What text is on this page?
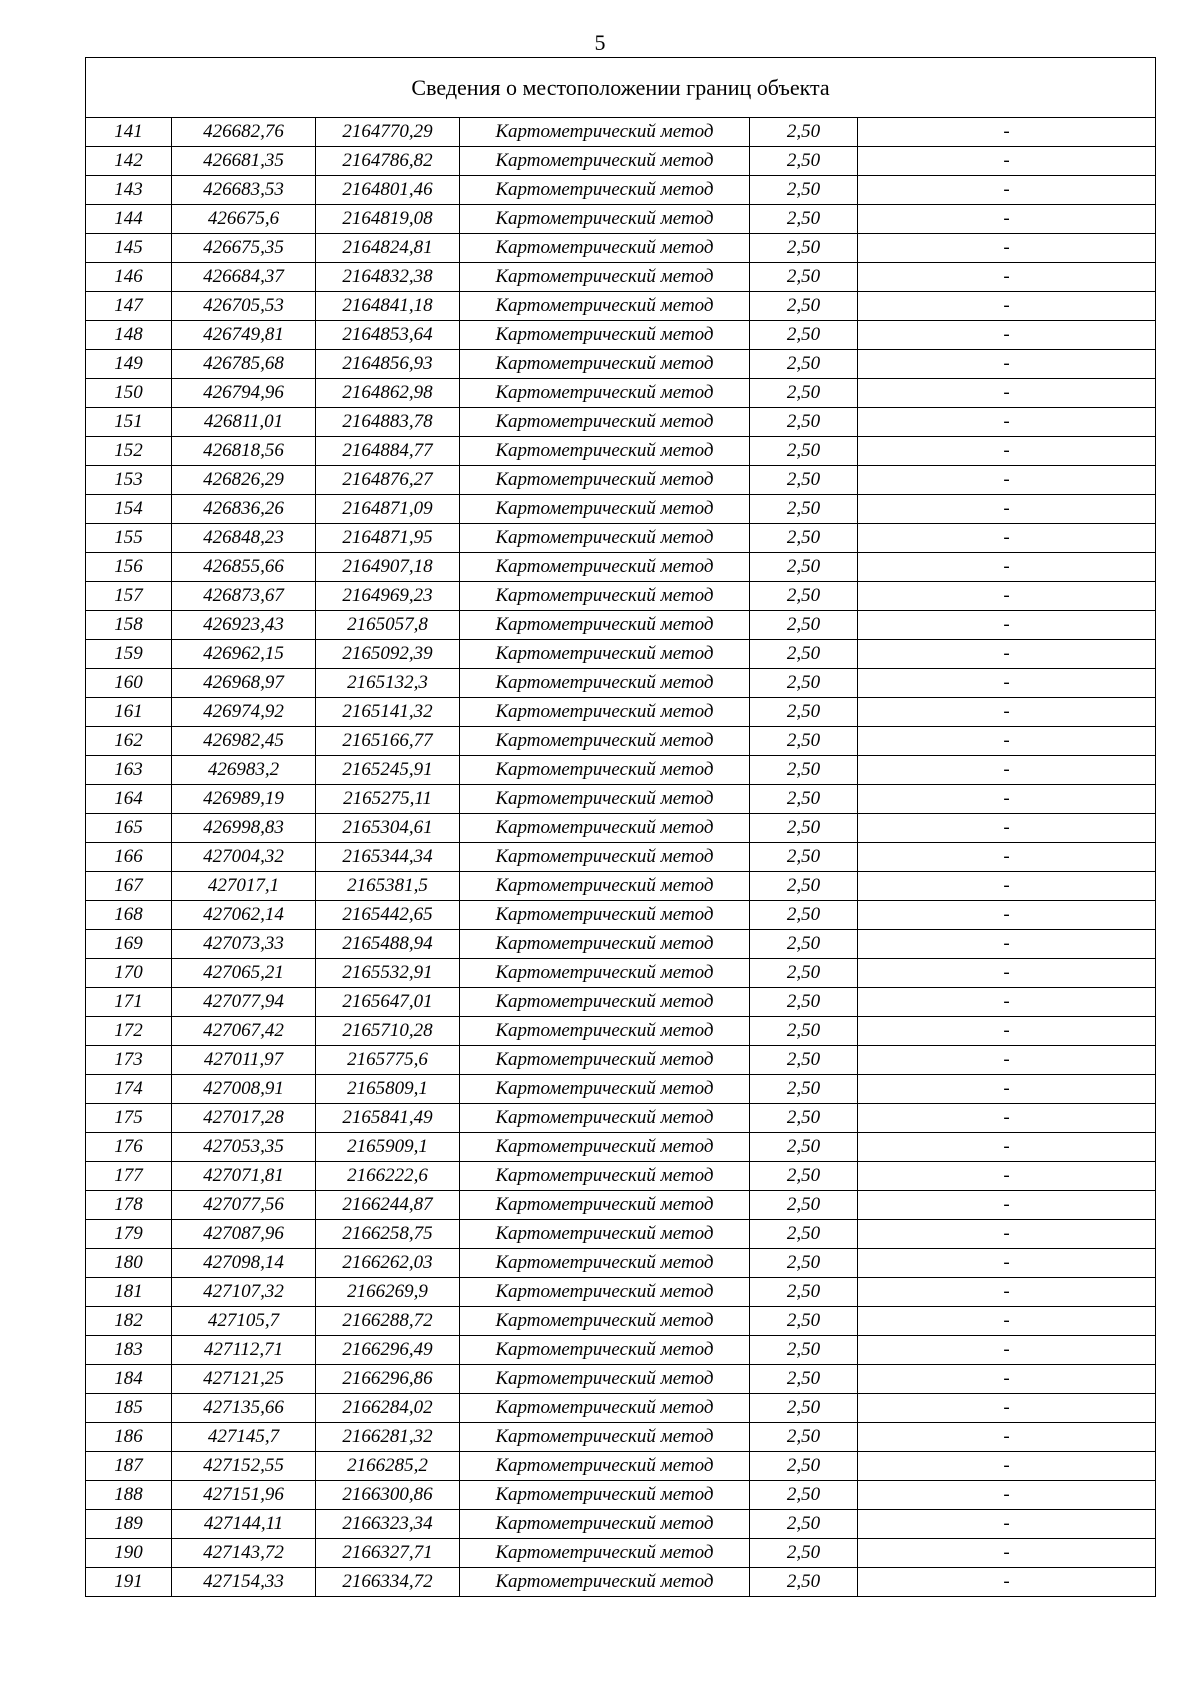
5
Сведения о местоположении границ объекта					
141	426682,76	2164770,29	Картометрический метод	2,50	-
142	426681,35	2164786,82	Картометрический метод	2,50	-
143	426683,53	2164801,46	Картометрический метод	2,50	-
144	426675,6	2164819,08	Картометрический метод	2,50	-
145	426675,35	2164824,81	Картометрический метод	2,50	-
146	426684,37	2164832,38	Картометрический метод	2,50	-
147	426705,53	2164841,18	Картометрический метод	2,50	-
148	426749,81	2164853,64	Картометрический метод	2,50	-
149	426785,68	2164856,93	Картометрический метод	2,50	-
150	426794,96	2164862,98	Картометрический метод	2,50	-
151	426811,01	2164883,78	Картометрический метод	2,50	-
152	426818,56	2164884,77	Картометрический метод	2,50	-
153	426826,29	2164876,27	Картометрический метод	2,50	-
154	426836,26	2164871,09	Картометрический метод	2,50	-
155	426848,23	2164871,95	Картометрический метод	2,50	-
156	426855,66	2164907,18	Картометрический метод	2,50	-
157	426873,67	2164969,23	Картометрический метод	2,50	-
158	426923,43	2165057,8	Картометрический метод	2,50	-
159	426962,15	2165092,39	Картометрический метод	2,50	-
160	426968,97	2165132,3	Картометрический метод	2,50	-
161	426974,92	2165141,32	Картометрический метод	2,50	-
162	426982,45	2165166,77	Картометрический метод	2,50	-
163	426983,2	2165245,91	Картометрический метод	2,50	-
164	426989,19	2165275,11	Картометрический метод	2,50	-
165	426998,83	2165304,61	Картометрический метод	2,50	-
166	427004,32	2165344,34	Картометрический метод	2,50	-
167	427017,1	2165381,5	Картометрический метод	2,50	-
168	427062,14	2165442,65	Картометрический метод	2,50	-
169	427073,33	2165488,94	Картометрический метод	2,50	-
170	427065,21	2165532,91	Картометрический метод	2,50	-
171	427077,94	2165647,01	Картометрический метод	2,50	-
172	427067,42	2165710,28	Картометрический метод	2,50	-
173	427011,97	2165775,6	Картометрический метод	2,50	-
174	427008,91	2165809,1	Картометрический метод	2,50	-
175	427017,28	2165841,49	Картометрический метод	2,50	-
176	427053,35	2165909,1	Картометрический метод	2,50	-
177	427071,81	2166222,6	Картометрический метод	2,50	-
178	427077,56	2166244,87	Картометрический метод	2,50	-
179	427087,96	2166258,75	Картометрический метод	2,50	-
180	427098,14	2166262,03	Картометрический метод	2,50	-
181	427107,32	2166269,9	Картометрический метод	2,50	-
182	427105,7	2166288,72	Картометрический метод	2,50	-
183	427112,71	2166296,49	Картометрический метод	2,50	-
184	427121,25	2166296,86	Картометрический метод	2,50	-
185	427135,66	2166284,02	Картометрический метод	2,50	-
186	427145,7	2166281,32	Картометрический метод	2,50	-
187	427152,55	2166285,2	Картометрический метод	2,50	-
188	427151,96	2166300,86	Картометрический метод	2,50	-
189	427144,11	2166323,34	Картометрический метод	2,50	-
190	427143,72	2166327,71	Картометрический метод	2,50	-
191	427154,33	2166334,72	Картометрический метод	2,50	-
